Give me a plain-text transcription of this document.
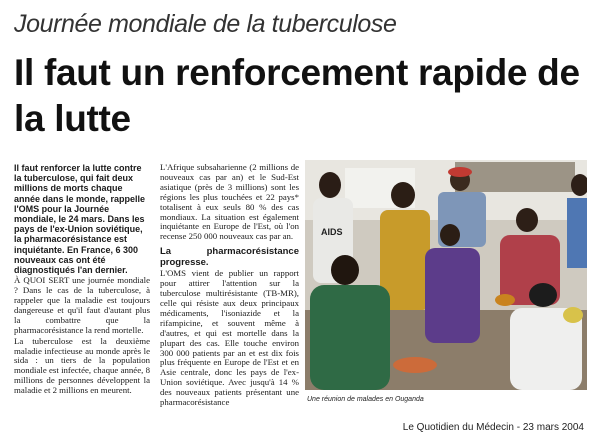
Journée mondiale de la tuberculose
Il faut un renforcement rapide de la lutte

Il faut renforcer la lutte contre la tuberculose, qui fait deux millions de morts chaque année dans le monde, rappelle l'OMS pour la Journée mondiale, le 24 mars. Dans les pays de l'ex-Union soviétique, la pharmacorésistance est inquiétante. En France, 6 300 nouveaux cas ont été diagnostiqués l'an dernier.

À QUOI SERT une journée mondiale ? Dans le cas de la tuberculose, à rappeler que la maladie est toujours dangereuse et qu'il faut d'autant plus la combattre que la pharmacorésistance la rend mortelle.

La tuberculose est la deuxième maladie infectieuse au monde après le sida : un tiers de la population mondiale est infectée, chaque année, 8 millions de personnes développent la maladie et 2 millions en meurent.

L'Afrique subsaharienne (2 millions de nouveaux cas par an) et le Sud-Est asiatique (près de 3 millions) sont les régions les plus touchées et 22 pays* totalisent à eux seuls 80 % des cas mondiaux. La situation est également inquiétante en Europe de l'Est, où l'on recense 250 000 nouveaux cas par an.

La pharmacorésistance progresse.

L'OMS vient de publier un rapport pour attirer l'attention sur la tuberculose multirésistante (TB-MR), celle qui résiste aux deux principaux médicaments, l'isoniazide et la rifampicine, et souvent même à d'autres, et qui est mortelle dans la plupart des cas. Elle touche environ 300 000 patients par an et est dix fois plus fréquente en Europe de l'Est et en Asie centrale, donc les pays de l'ex-Union soviétique. Avec jusqu'à 14 % des nouveaux patients présentant une pharmacorésistance

AIDS
Une réunion de malades en Ouganda
Le Quotidien du Médecin - 23 mars 2004
